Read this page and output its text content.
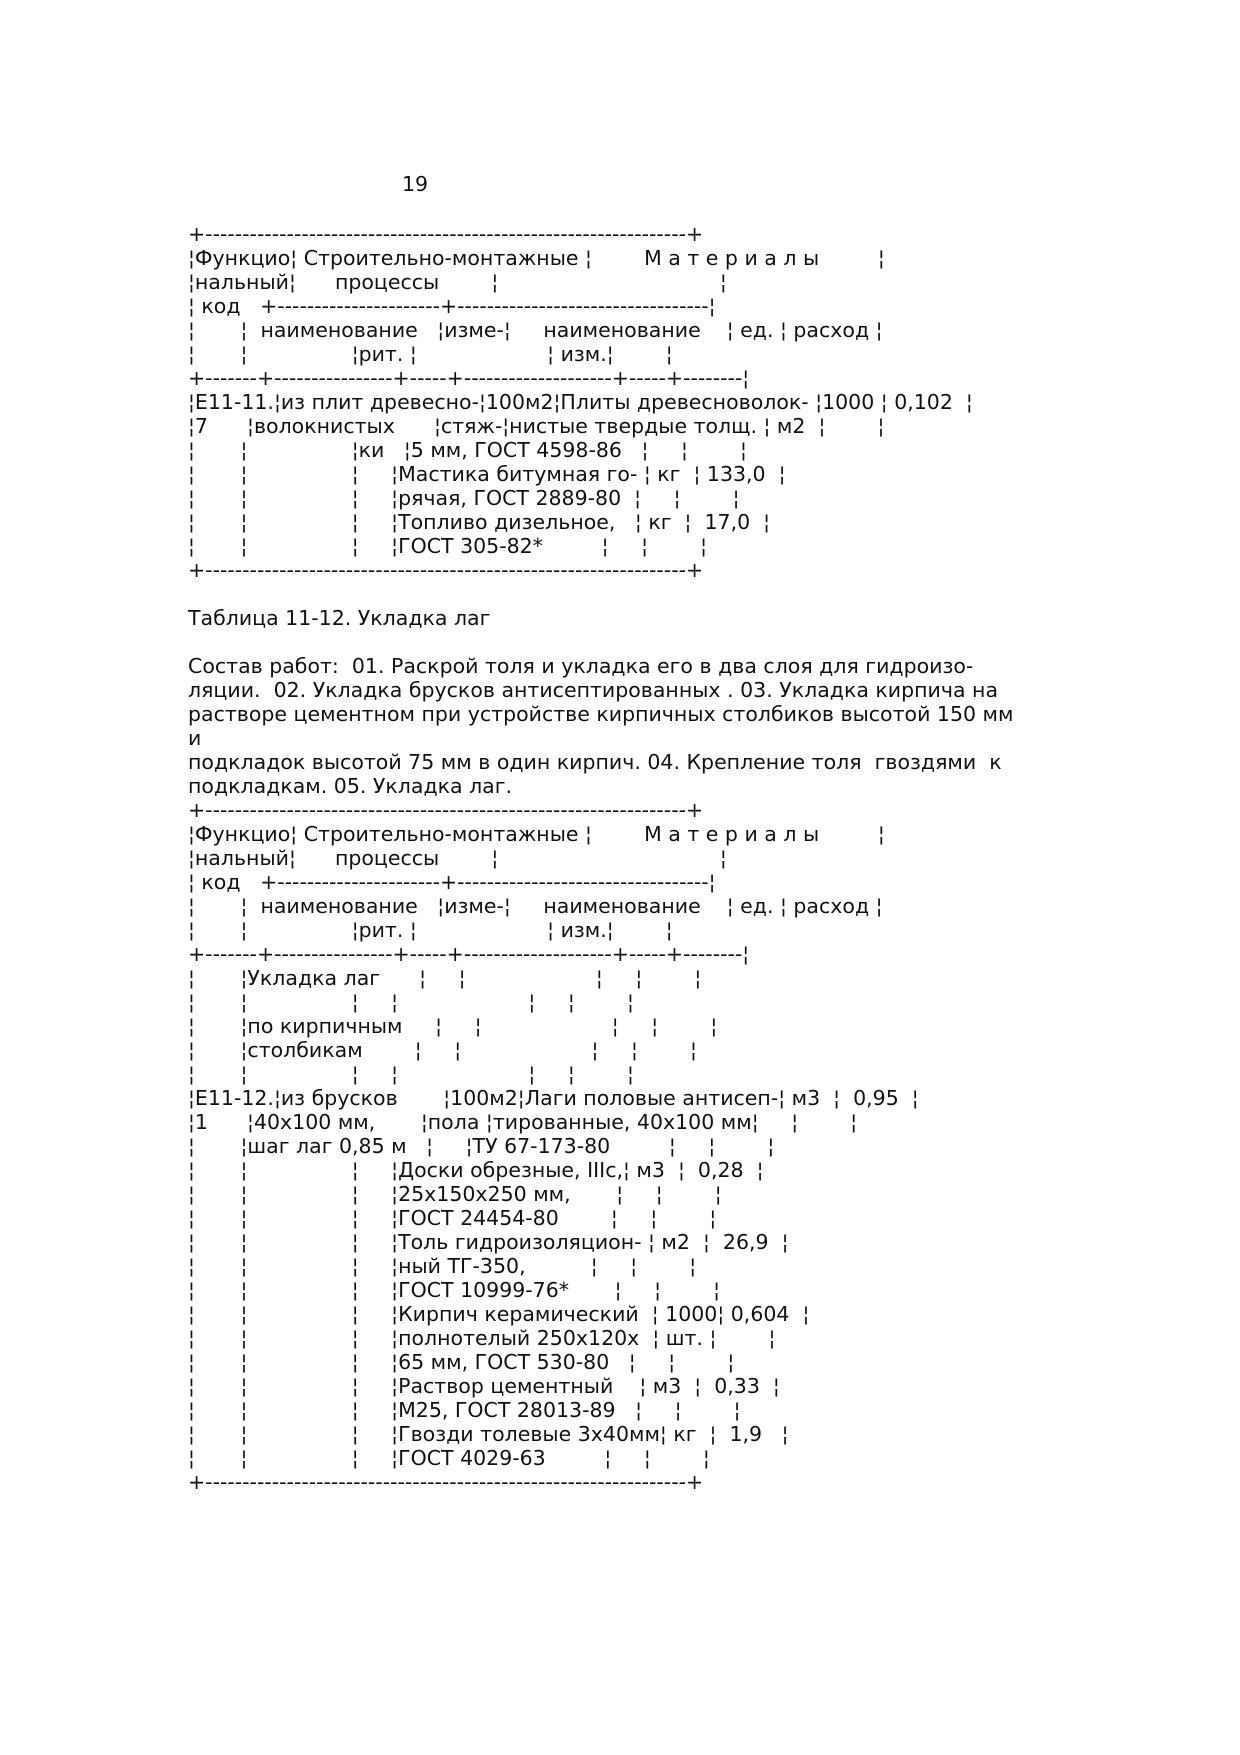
19

+-----------------------------------------------------------------+

¦Функцио¦ Строительно-монтажные ¦        М а т е р и а л ы         ¦

¦нальный¦      процессы        ¦                                  ¦

¦ код   +----------------------+----------------------------------¦

¦       ¦  наименование   ¦изме-¦     наименование    ¦ ед. ¦ расход ¦

¦       ¦                ¦рит. ¦                    ¦ изм.¦        ¦

+-------+----------------+-----+--------------------+-----+--------¦

¦Е11-11.¦из плит древесно-¦100м2¦Плиты древесноволок- ¦1000 ¦ 0,102  ¦

¦7      ¦волокнистых      ¦стяж-¦нистые твердые толщ. ¦ м2  ¦        ¦

¦       ¦                ¦ки   ¦5 мм, ГОСТ 4598-86   ¦     ¦        ¦

¦       ¦                ¦     ¦Мастика битумная го- ¦ кг  ¦ 133,0  ¦

¦       ¦                ¦     ¦рячая, ГОСТ 2889-80  ¦     ¦        ¦

¦       ¦                ¦     ¦Топливо дизельное,   ¦ кг  ¦  17,0  ¦

¦       ¦                ¦     ¦ГОСТ 305-82*         ¦     ¦        ¦

+-----------------------------------------------------------------+

Таблица 11-12. Укладка лаг

Состав работ:  01. Раскрой толя и укладка его в два слоя для гидроизо-

ляции.  02. Укладка брусков антисептированных . 03. Укладка кирпича на

растворе цементном при устройстве кирпичных столбиков высотой 150 мм

и

подкладок высотой 75 мм в один кирпич. 04. Крепление толя  гвоздями  к

подкладкам. 05. Укладка лаг.

+-----------------------------------------------------------------+

¦Функцио¦ Строительно-монтажные ¦        М а т е р и а л ы         ¦

¦нальный¦      процессы        ¦                                  ¦

¦ код   +----------------------+----------------------------------¦

¦       ¦  наименование   ¦изме-¦     наименование    ¦ ед. ¦ расход ¦

¦       ¦                ¦рит. ¦                    ¦ изм.¦        ¦

+-------+----------------+-----+--------------------+-----+--------¦

¦       ¦Укладка лаг      ¦     ¦                    ¦     ¦        ¦

¦       ¦                ¦     ¦                    ¦     ¦        ¦

¦       ¦по кирпичным     ¦     ¦                    ¦     ¦        ¦

¦       ¦столбикам        ¦     ¦                    ¦     ¦        ¦

¦       ¦                ¦     ¦                    ¦     ¦        ¦

¦Е11-12.¦из брусков       ¦100м2¦Лаги половые антисеп-¦ м3  ¦  0,95  ¦

¦1      ¦40х100 мм,       ¦пола ¦тированные, 40х100 мм¦     ¦        ¦

¦       ¦шаг лаг 0,85 м   ¦     ¦ТУ 67-173-80         ¦     ¦        ¦

¦       ¦                ¦     ¦Доски обрезные, IIIс,¦ м3  ¦  0,28  ¦

¦       ¦                ¦     ¦25х150х250 мм,       ¦     ¦        ¦

¦       ¦                ¦     ¦ГОСТ 24454-80        ¦     ¦        ¦

¦       ¦                ¦     ¦Толь гидроизоляцион- ¦ м2  ¦  26,9  ¦

¦       ¦                ¦     ¦ный ТГ-350,          ¦     ¦        ¦

¦       ¦                ¦     ¦ГОСТ 10999-76*       ¦     ¦        ¦

¦       ¦                ¦     ¦Кирпич керамический  ¦ 1000¦ 0,604  ¦

¦       ¦                ¦     ¦полнотелый 250х120х  ¦ шт. ¦        ¦

¦       ¦                ¦     ¦65 мм, ГОСТ 530-80   ¦     ¦        ¦

¦       ¦                ¦     ¦Раствор цементный    ¦ м3  ¦  0,33  ¦

¦       ¦                ¦     ¦М25, ГОСТ 28013-89   ¦     ¦        ¦

¦       ¦                ¦     ¦Гвозди толевые 3х40мм¦ кг  ¦  1,9   ¦

¦       ¦                ¦     ¦ГОСТ 4029-63         ¦     ¦        ¦

+-----------------------------------------------------------------+
